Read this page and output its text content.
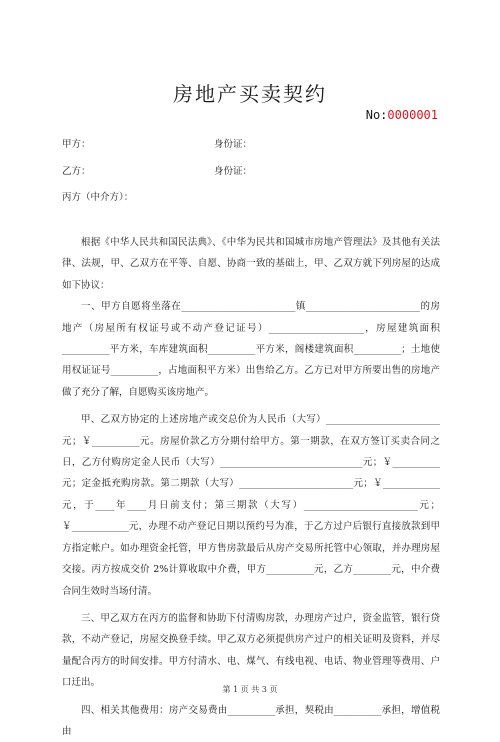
房地产买卖契约
No:0000001
甲方：	身份证：
乙方：	身份证：
丙方（中介方）：

根据《中华人民共和国民法典》、《中华为民共和国城市房地产管理法》及其他有关法律、法规，甲、乙双方在平等、自愿、协商一致的基础上，甲、乙双方就下列房屋的达成如下协议：

一、甲方自愿将坐落在________________________镇________________________的房地产（房屋所有权证号或不动产登记证号）____________________，房屋建筑面积__________平方米，车库建筑面积__________平方米，阁楼建筑面积__________；土地使用权证证号__________，占地面积平方米）出售给乙方。乙方已对甲方所要出售的房地产做了充分了解，自愿购买该房地产。

甲、乙双方协定的上述房地产或交总价为人民币（大写）________________________元；￥__________元。房屋价款乙方分期付给甲方。第一期款，在双方签订买卖合同之日，乙方付购房定金人民币（大写）______________________________元；￥__________元；定金抵充购房款。第二期款（大写）________________________元；￥____________元，于____年____月日前支付；第三期款（大写）________________________元；￥____________元，办理不动产登记日期以预约号为准，于乙方过户后银行直接放款到甲方指定帐户。如办理资金托管，甲方售房款最后从房产交易所托管中心领取，并办理房屋交接。丙方按成交价 2%计算收取中介费，甲方__________元，乙方________元，中介费合同生效时当场付清。

三、甲乙双方在丙方的监督和协助下付清购房款，办理房产过户，资金监管，银行贷款，不动产登记，房屋交换登手续。甲乙双方必须提供房产过户的相关证明及资料，并尽量配合丙方的时间安排。甲方付清水、电、煤气、有线电视、电话、物业管理等费用、户口迁出。

四、相关其他费用：房产交易费由__________承担，契税由__________承担，增值税由

第 1 页 共 3 页
